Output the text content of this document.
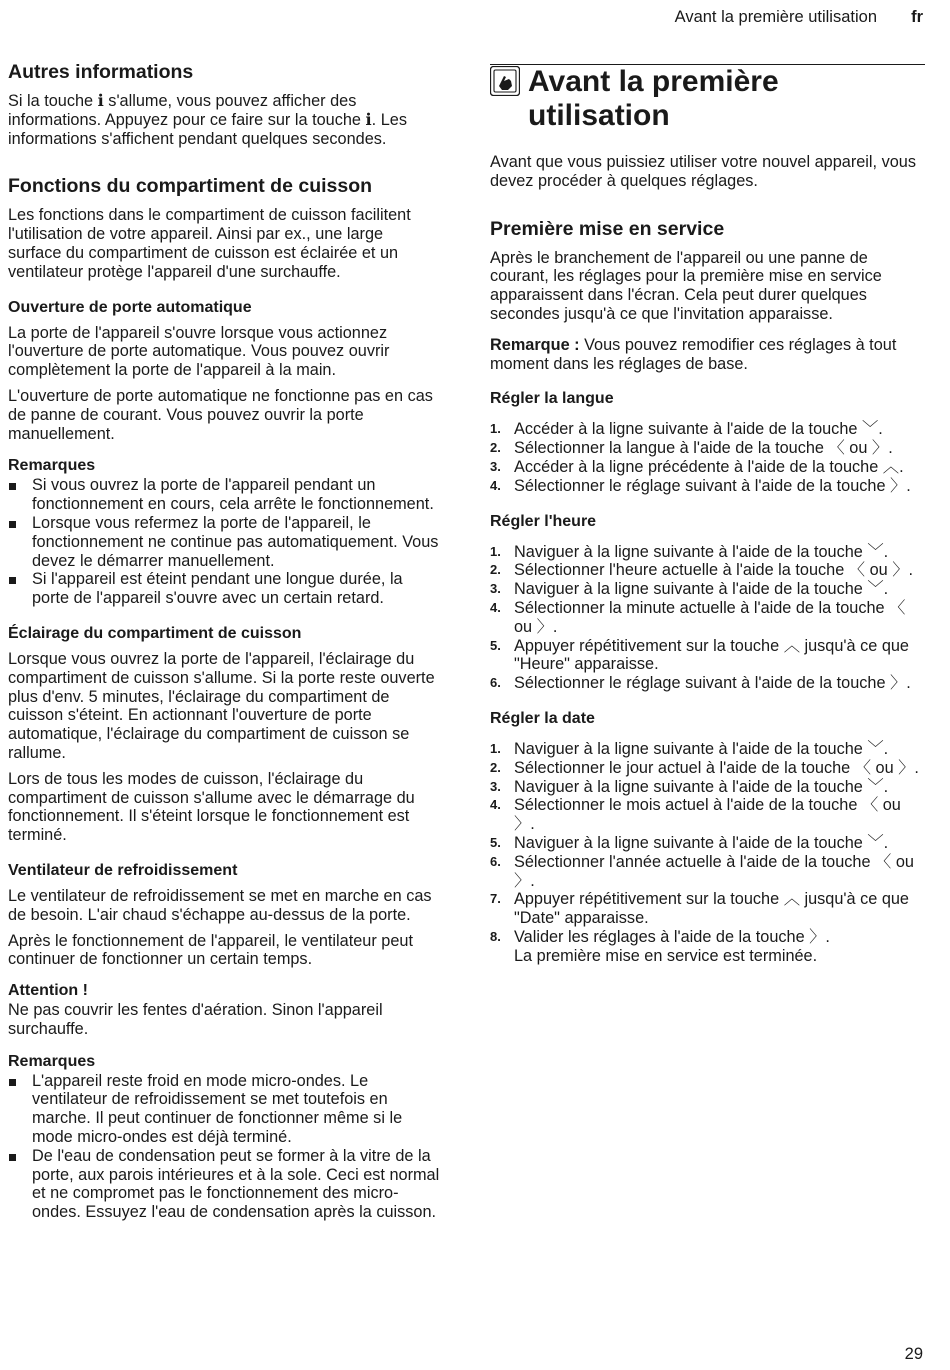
Avant la première utilisation fr
Autres informations

Si la touche ℹ s'allume, vous pouvez afficher des informations. Appuyez pour ce faire sur la touche ℹ. Les informations s'affichent pendant quelques secondes.

Fonctions du compartiment de cuisson

Les fonctions dans le compartiment de cuisson facilitent l'utilisation de votre appareil. Ainsi par ex., une large surface du compartiment de cuisson est éclairée et un ventilateur protège l'appareil d'une surchauffe.

Ouverture de porte automatique

La porte de l'appareil s'ouvre lorsque vous actionnez l'ouverture de porte automatique. Vous pouvez ouvrir complètement la porte de l'appareil à la main.

L'ouverture de porte automatique ne fonctionne pas en cas de panne de courant. Vous pouvez ouvrir la porte manuellement.

Remarques
Si vous ouvrez la porte de l'appareil pendant un fonctionnement en cours, cela arrête le fonctionnement.
Lorsque vous refermez la porte de l'appareil, le fonctionnement ne continue pas automatiquement. Vous devez le démarrer manuellement.
Si l'appareil est éteint pendant une longue durée, la porte de l'appareil s'ouvre avec un certain retard.
Éclairage du compartiment de cuisson

Lorsque vous ouvrez la porte de l'appareil, l'éclairage du compartiment de cuisson s'allume. Si la porte reste ouverte plus d'env. 5 minutes, l'éclairage du compartiment de cuisson s'éteint. En actionnant l'ouverture de porte automatique, l'éclairage du compartiment de cuisson se rallume.

Lors de tous les modes de cuisson, l'éclairage du compartiment de cuisson s'allume avec le démarrage du fonctionnement. Il s'éteint lorsque le fonctionnement est terminé.

Ventilateur de refroidissement

Le ventilateur de refroidissement se met en marche en cas de besoin. L'air chaud s'échappe au-dessus de la porte.

Après le fonctionnement de l'appareil, le ventilateur peut continuer de fonctionner un certain temps.

Attention !

Ne pas couvrir les fentes d'aération. Sinon l'appareil surchauffe.

Remarques
L'appareil reste froid en mode micro-ondes. Le ventilateur de refroidissement se met toutefois en marche. Il peut continuer de fonctionner même si le mode micro-ondes est déjà terminé.
De l'eau de condensation peut se former à la vitre de la porte, aux parois intérieures et à la sole. Ceci est normal et ne compromet pas le fonctionnement des micro-ondes. Essuyez l'eau de condensation après la cuisson.
Avant la première utilisation

Avant que vous puissiez utiliser votre nouvel appareil, vous devez procéder à quelques réglages.

Première mise en service

Après le branchement de l'appareil ou une panne de courant, les réglages pour la première mise en service apparaissent dans l'écran. Cela peut durer quelques secondes jusqu'à ce que l'invitation apparaisse.

Remarque : Vous pouvez remodifier ces réglages à tout moment dans les réglages de base.

Régler la langue
1. Accéder à la ligne suivante à l'aide de la touche ﹀.
2. Sélectionner la langue à l'aide de la touche 〈 ou 〉.
3. Accéder à la ligne précédente à l'aide de la touche ︿.
4. Sélectionner le réglage suivant à l'aide de la touche 〉.
Régler l'heure
1. Naviguer à la ligne suivante à l'aide de la touche ﹀.
2. Sélectionner l'heure actuelle à l'aide la touche 〈 ou 〉.
3. Naviguer à la ligne suivante à l'aide de la touche ﹀.
4. Sélectionner la minute actuelle à l'aide de la touche 〈 ou 〉.
5. Appuyer répétitivement sur la touche ︿ jusqu'à ce que "Heure" apparaisse.
6. Sélectionner le réglage suivant à l'aide de la touche 〉.
Régler la date
1. Naviguer à la ligne suivante à l'aide de la touche ﹀.
2. Sélectionner le jour actuel à l'aide de la touche 〈 ou 〉.
3. Naviguer à la ligne suivante à l'aide de la touche ﹀.
4. Sélectionner le mois actuel à l'aide de la touche 〈 ou 〉.
5. Naviguer à la ligne suivante à l'aide de la touche ﹀.
6. Sélectionner l'année actuelle à l'aide de la touche 〈 ou 〉.
7. Appuyer répétitivement sur la touche ︿ jusqu'à ce que "Date" apparaisse.
8. Valider les réglages à l'aide de la touche 〉.
La première mise en service est terminée.
29
